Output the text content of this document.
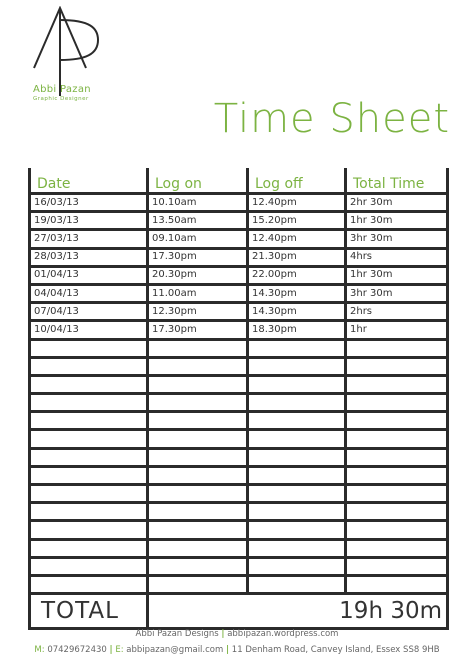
Abbi Pazan
Graphic Designer	Time Sheet
Date	Log on	Log off	Total Time
16/03/13	10.10am	12.40pm	2hr 30m
19/03/13	13.50am	15.20pm	1hr 30m
27/03/13	09.10am	12.40pm	3hr 30m
28/03/13	17.30pm	21.30pm	4hrs
01/04/13	20.30pm	22.00pm	1hr 30m
04/04/13	11.00am	14.30pm	3hr 30m
07/04/13	12.30pm	14.30pm	2hrs
10/04/13	17.30pm	18.30pm	1hr

TOTAL	19h 30m		
Abbi Pazan Designs | abbipazan.wordpress.com
M: 07429672430 | E: abbipazan@gmail.com | 11 Denham Road, Canvey Island, Essex SS8 9HB
